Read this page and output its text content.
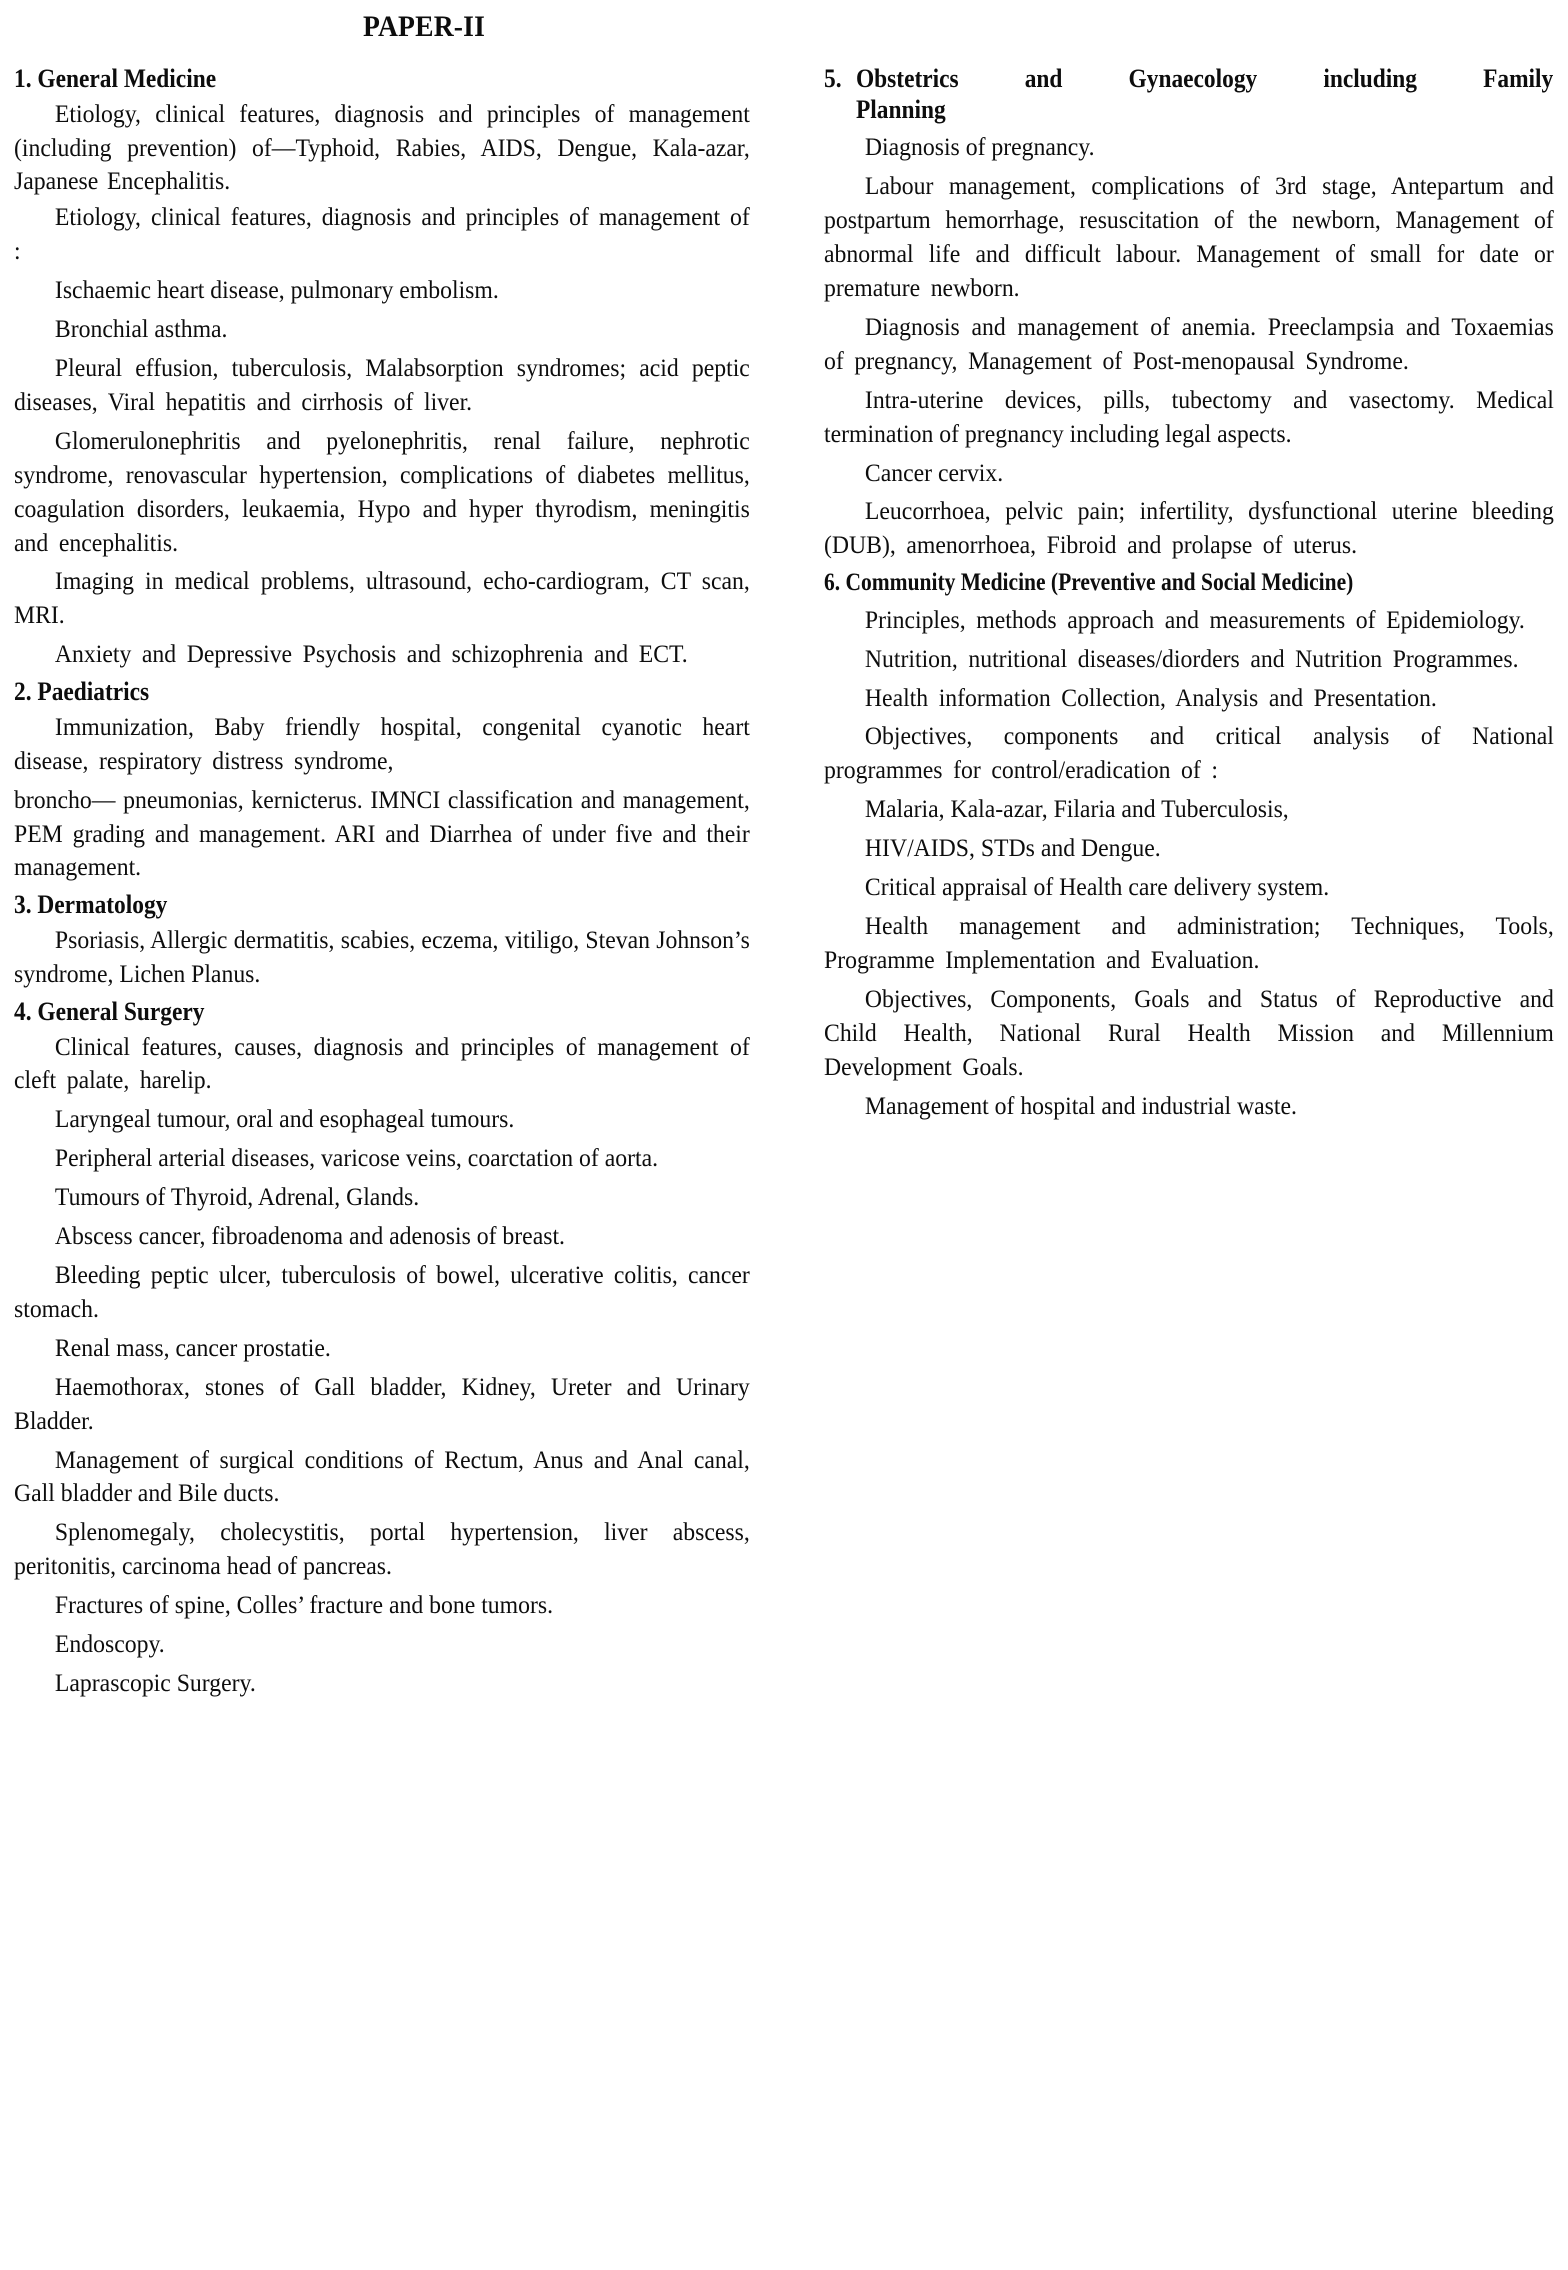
PAPER-II
1. General Medicine

Etiology, clinical features, diagnosis and principles of management (including prevention) of—Typhoid, Rabies, AIDS, Dengue, Kala-azar, Japanese Encephalitis.

Etiology, clinical features, diagnosis and principles of management of :

Ischaemic heart disease, pulmonary embolism.

Bronchial asthma.

Pleural effusion, tuberculosis, Malabsorption syndromes; acid peptic diseases, Viral hepatitis and cirrhosis of liver.

Glomerulonephritis and pyelonephritis, renal failure, nephrotic syndrome, renovascular hypertension, complications of diabetes mellitus, coagulation disorders, leukaemia, Hypo and hyper thyrodism, meningitis and encephalitis.

Imaging in medical problems, ultrasound, echo-cardiogram, CT scan, MRI.

Anxiety and Depressive Psychosis and schizophrenia and ECT.

2. Paediatrics

Immunization, Baby friendly hospital, congenital cyanotic heart disease, respiratory distress syndrome,

broncho— pneumonias, kernicterus. IMNCI classification and management, PEM grading and management. ARI and Diarrhea of under five and their management.

3. Dermatology

Psoriasis, Allergic dermatitis, scabies, eczema, vitiligo, Stevan Johnson’s syndrome, Lichen Planus.

4. General Surgery

Clinical features, causes, diagnosis and principles of management of cleft palate, harelip.

Laryngeal tumour, oral and esophageal tumours.

Peripheral arterial diseases, varicose veins, coarctation of aorta.

Tumours of Thyroid, Adrenal, Glands.

Abscess cancer, fibroadenoma and adenosis of breast.

Bleeding peptic ulcer, tuberculosis of bowel, ulcerative colitis, cancer stomach.

Renal mass, cancer prostatie.

Haemothorax, stones of Gall bladder, Kidney, Ureter and Urinary Bladder.

Management of surgical conditions of Rectum, Anus and Anal canal, Gall bladder and Bile ducts.

Splenomegaly, cholecystitis, portal hypertension, liver abscess, peritonitis, carcinoma head of pancreas.

Fractures of spine, Colles’ fracture and bone tumors.

Endoscopy.

Laprascopic Surgery.

5. Obstetrics and Gynaecology including Family
Planning

Diagnosis of pregnancy.

Labour management, complications of 3rd stage, Antepartum and postpartum hemorrhage, resuscitation of the newborn, Management of abnormal life and difficult labour. Management of small for date or premature newborn.

Diagnosis and management of anemia. Preeclampsia and Toxaemias of pregnancy, Management of Post-menopausal Syndrome.

Intra-uterine devices, pills, tubectomy and vasectomy. Medical termination of pregnancy including legal aspects.

Cancer cervix.

Leucorrhoea, pelvic pain; infertility, dysfunctional uterine bleeding (DUB), amenorrhoea, Fibroid and prolapse of uterus.

6. Community Medicine (Preventive and Social Medicine)

Principles, methods approach and measurements of Epidemiology.

Nutrition, nutritional diseases/diorders and Nutrition Programmes.

Health information Collection, Analysis and Presentation.

Objectives, components and critical analysis of National programmes for control/eradication of :

Malaria, Kala-azar, Filaria and Tuberculosis,

HIV/AIDS, STDs and Dengue.

Critical appraisal of Health care delivery system.

Health management and administration; Techniques, Tools, Programme Implementation and Evaluation.

Objectives, Components, Goals and Status of Reproductive and Child Health, National Rural Health Mission and Millennium Development Goals.

Management of hospital and industrial waste.
